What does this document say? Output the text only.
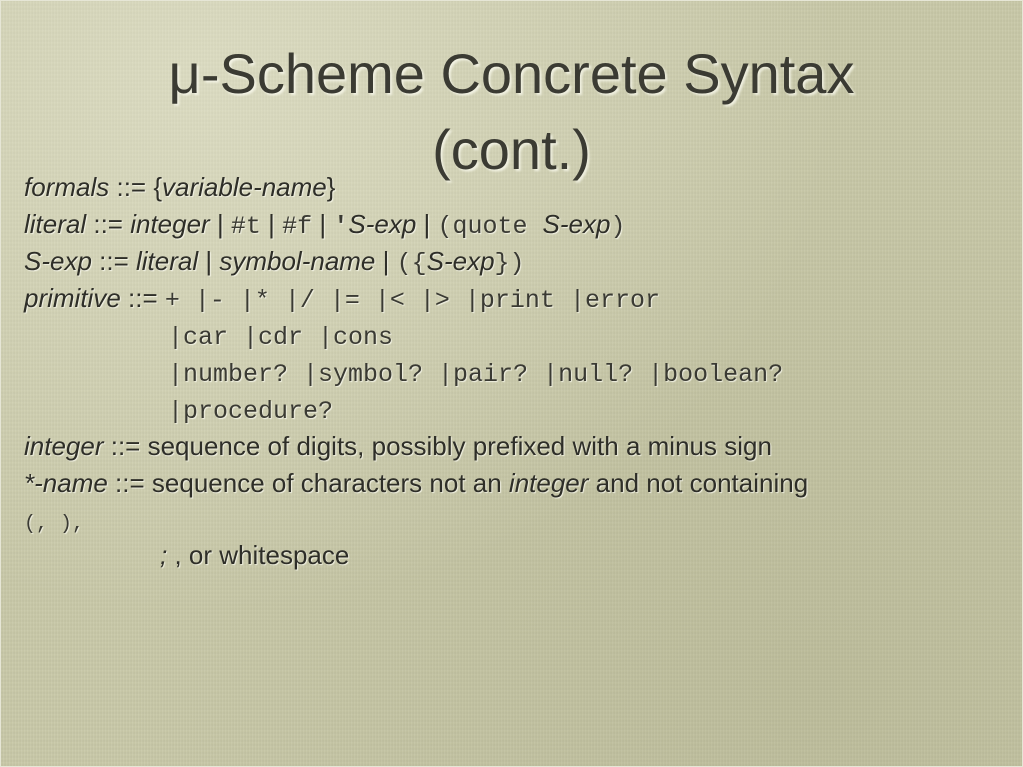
μ-Scheme Concrete Syntax
(cont.)
formals ::= {variable-name}
literal ::= integer | #t | #f | 'S-exp | (quote S-exp)
S-exp ::= literal | symbol-name | ({S-exp})
primitive ::= + |- |* |/ |= |< |> |print |error
|car |cdr |cons
|number? |symbol? |pair? |null? |boolean?
|procedure?
integer ::= sequence of digits, possibly prefixed with a minus sign
*-name ::= sequence of characters not an integer and not containing
(, ),
; , or whitespace
